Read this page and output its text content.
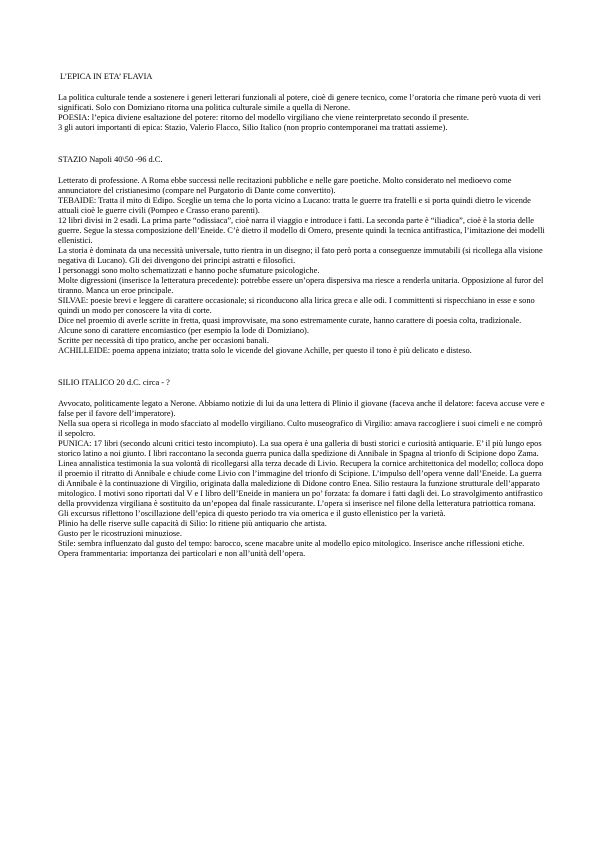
L’EPICA IN ETA’ FLAVIA

La politica culturale tende a sostenere i generi letterari funzionali al potere, cioè di genere tecnico, come l’oratoria che rimane però vuota di veri significati. Solo con Domiziano ritorna una politica culturale simile a quella di Nerone.

POESIA: l’epica diviene esaltazione del potere: ritorno del modello virgiliano che viene reinterpretato secondo il presente.

3 gli autori importanti di epica: Stazio, Valerio Flacco, Silio Italico (non proprio contemporanei ma trattati assieme).

STAZIO Napoli 40\50 -96 d.C.

Letterato di professione. A Roma ebbe successi nelle recitazioni pubbliche e nelle gare poetiche. Molto considerato nel medioevo come annunciatore del cristianesimo (compare nel Purgatorio di Dante come convertito).

TEBAIDE: Tratta il mito di Edipo. Sceglie un tema che lo porta vicino a Lucano: tratta le guerre tra fratelli e si porta quindi dietro le vicende attuali cioè le guerre civili (Pompeo e Crasso erano parenti).

12 libri divisi in 2 esadi. La prima parte “odissiaca”, cioè narra il viaggio e introduce i fatti. La seconda parte è “iliadica”, cioè è la storia delle guerre. Segue la stessa composizione dell’Eneide. C’è dietro il modello di Omero, presente quindi la tecnica antifrastica, l’imitazione dei modelli ellenistici.

La storia è dominata da una necessità universale, tutto rientra in un disegno; il fato però porta a conseguenze immutabili (si ricollega alla visione negativa di Lucano). Gli dei divengono dei principi astratti e filosofici.

I personaggi sono molto schematizzati e hanno poche sfumature psicologiche.

Molte digressioni (inserisce la letteratura precedente): potrebbe essere un’opera dispersiva ma riesce a renderla unitaria. Opposizione al furor del tiranno. Manca un eroe principale.

SILVAE: poesie brevi e leggere di carattere occasionale; si riconducono alla lirica greca e alle odi. I committenti si rispecchiano in esse e sono quindi un modo per conoscere la vita di corte.

Dice nel proemio di averle scritte in fretta, quasi improvvisate, ma sono estremamente curate, hanno carattere di poesia colta, tradizionale.

Alcune sono di carattere encomiastico (per esempio la lode di Domiziano).

Scritte per necessità di tipo pratico, anche per occasioni banali.

ACHILLEIDE: poema appena iniziato; tratta solo le vicende del giovane Achille, per questo il tono è più delicato e disteso.

SILIO ITALICO 20 d.C. circa - ?

Avvocato, politicamente legato a Nerone. Abbiamo notizie di lui da una lettera di Plinio il giovane (faceva anche il delatore: faceva accuse vere e false per il favore dell’imperatore).

Nella sua opera si ricollega in modo sfacciato al modello virgiliano. Culto museografico di Virgilio: amava raccogliere i suoi cimeli e ne comprò il sepolcro.

PUNICA: 17 libri (secondo alcuni critici testo incompiuto). La sua opera è una galleria di busti storici e curiosità antiquarie. E’ il più lungo epos storico latino a noi giunto. I libri raccontano la seconda guerra punica dalla spedizione di Annibale in Spagna al trionfo di Scipione dopo Zama. Linea annalistica testimonia la sua volontà di ricollegarsi alla terza decade di Livio. Recupera la cornice architettonica del modello; colloca dopo il proemio il ritratto di Annibale e chiude come Livio con l’immagine del trionfo di Scipione. L’impulso dell’opera venne dall’Eneide. La guerra di Annibale è la continuazione di Virgilio, originata dalla maledizione di Didone contro Enea. Silio restaura la funzione strutturale dell’apparato mitologico. I motivi sono riportati dal V e I libro dell’Eneide in maniera un po’ forzata: fa domare i fatti dagli dei. Lo stravolgimento antifrastico della provvidenza virgiliana è sostituito da un’epopea dal finale rassicurante. L’opera si inserisce nel filone della letteratura patriottica romana. Gli excursus riflettono l’oscillazione dell’epica di questo periodo tra via omerica e il gusto ellenistico per la varietà.

Plinio ha delle riserve sulle capacità di Silio: lo ritiene più antiquario che artista.

Gusto per le ricostruzioni minuziose.

Stile: sembra influenzato dal gusto del tempo: barocco, scene macabre unite al modello epico mitologico. Inserisce anche riflessioni etiche.

Opera frammentaria: importanza dei particolari e non all’unità dell’opera.
